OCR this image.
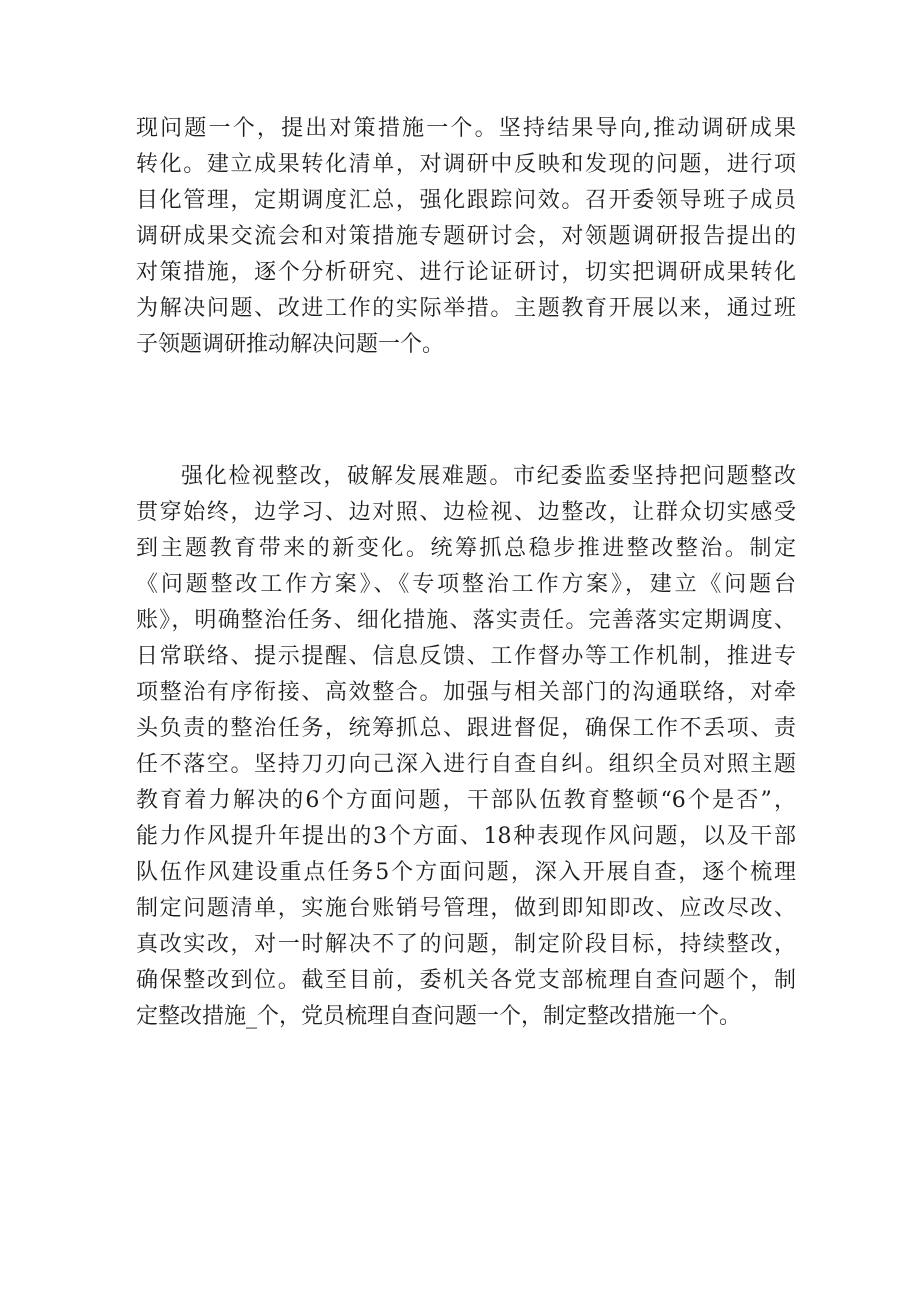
现问题一个，提出对策措施一个。坚持结果导向,推动调研成果
转化。建立成果转化清单，对调研中反映和发现的问题，进行项
目化管理，定期调度汇总，强化跟踪问效。召开委领导班子成员
调研成果交流会和对策措施专题研讨会，对领题调研报告提出的
对策措施，逐个分析研究、进行论证研讨，切实把调研成果转化
为解决问题、改进工作的实际举措。主题教育开展以来，通过班
子领题调研推动解决问题一个。
强化检视整改，破解发展难题。市纪委监委坚持把问题整改
贯穿始终，边学习、边对照、边检视、边整改，让群众切实感受
到主题教育带来的新变化。统筹抓总稳步推进整改整治。制定
《问题整改工作方案》、《专项整治工作方案》，建立《问题台
账》，明确整治任务、细化措施、落实责任。完善落实定期调度、
日常联络、提示提醒、信息反馈、工作督办等工作机制，推进专
项整治有序衔接、高效整合。加强与相关部门的沟通联络，对牵
头负责的整治任务，统筹抓总、跟进督促，确保工作不丢项、责
任不落空。坚持刀刃向己深入进行自查自纠。组织全员对照主题
教育着力解决的6个方面问题，干部队伍教育整顿“6个是否”，
能力作风提升年提出的3个方面、18种表现作风问题，以及干部
队伍作风建设重点任务5个方面问题，深入开展自查，逐个梳理
制定问题清单，实施台账销号管理，做到即知即改、应改尽改、
真改实改，对一时解决不了的问题，制定阶段目标，持续整改，
确保整改到位。截至目前，委机关各党支部梳理自查问题个，制
定整改措施_个，党员梳理自查问题一个，制定整改措施一个。
